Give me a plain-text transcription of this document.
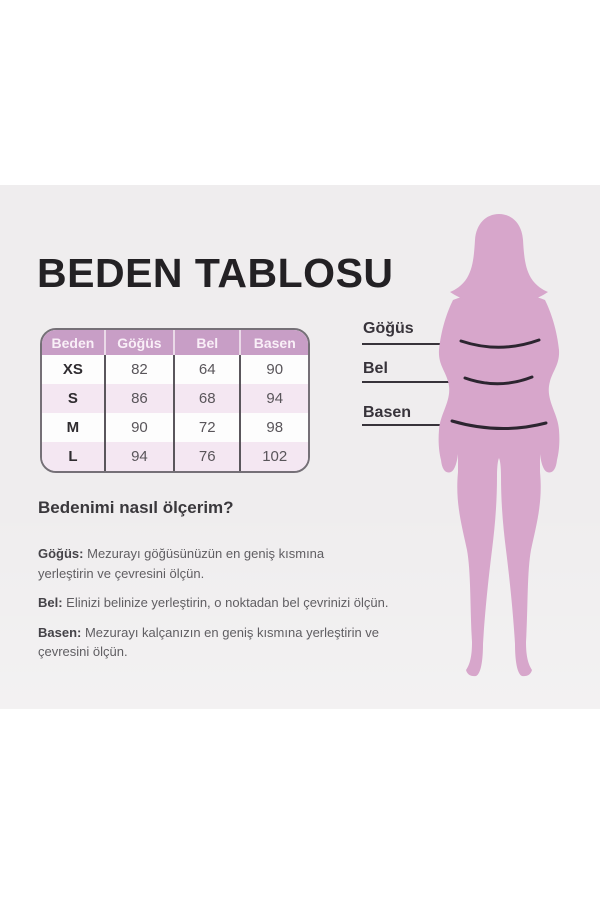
BEDEN TABLOSU
Beden	Göğüs	Bel	Basen
XS	82	64	90
S	86	68	94
M	90	72	98
L	94	76	102
Göğüs
Bel
Basen
Bedenimi nasıl ölçerim?

Göğüs: Mezurayı göğüsünüzün en geniş kısmına yerleştirin ve çevresini ölçün.

Bel: Elinizi belinize yerleştirin, o noktadan bel çevrinizi ölçün.

Basen: Mezurayı kalçanızın en geniş kısmına yerleştirin ve çevresini ölçün.
